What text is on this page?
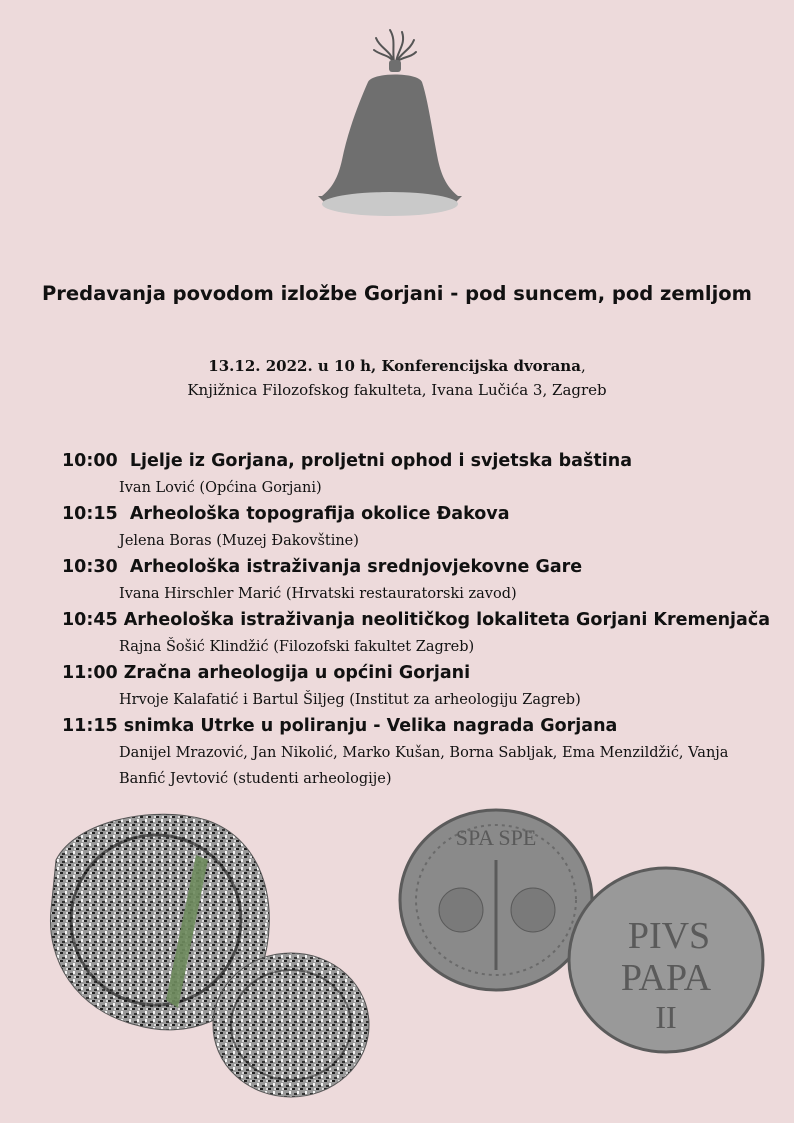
Predavanja povodom izložbe Gorjani - pod suncem, pod zemljom
13.12. 2022. u 10 h, Konferencijska dvorana,
Knjižnica Filozofskog fakulteta, Ivana Lučića 3, Zagreb
10:00 Ljelje iz Gorjana, proljetni ophod i svjetska baština
Ivan Lović (Općina Gorjani)
10:15 Arheološka topografija okolice Đakova
Jelena Boras (Muzej Đakovštine)
10:30 Arheološka istraživanja srednjovjekovne Gare
Ivana Hirschler Marić (Hrvatski restauratorski zavod)
10:45 Arheološka istraživanja neolitičkog lokaliteta Gorjani Kremenjača
Rajna Šošić Klindžić (Filozofski fakultet Zagreb)
11:00 Zračna arheologija u općini Gorjani
Hrvoje Kalafatić i Bartul Šiljeg (Institut za arheologiju Zagreb)
11:15 snimka Utrke u poliranju - Velika nagrada Gorjana
Danijel Mrazović, Jan Nikolić, Marko Kušan, Borna Sabljak, Ema Menzildžić, Vanja Banfić Jevtović (studenti arheologije)
SPA SPE
PIVS
PAPA
II
